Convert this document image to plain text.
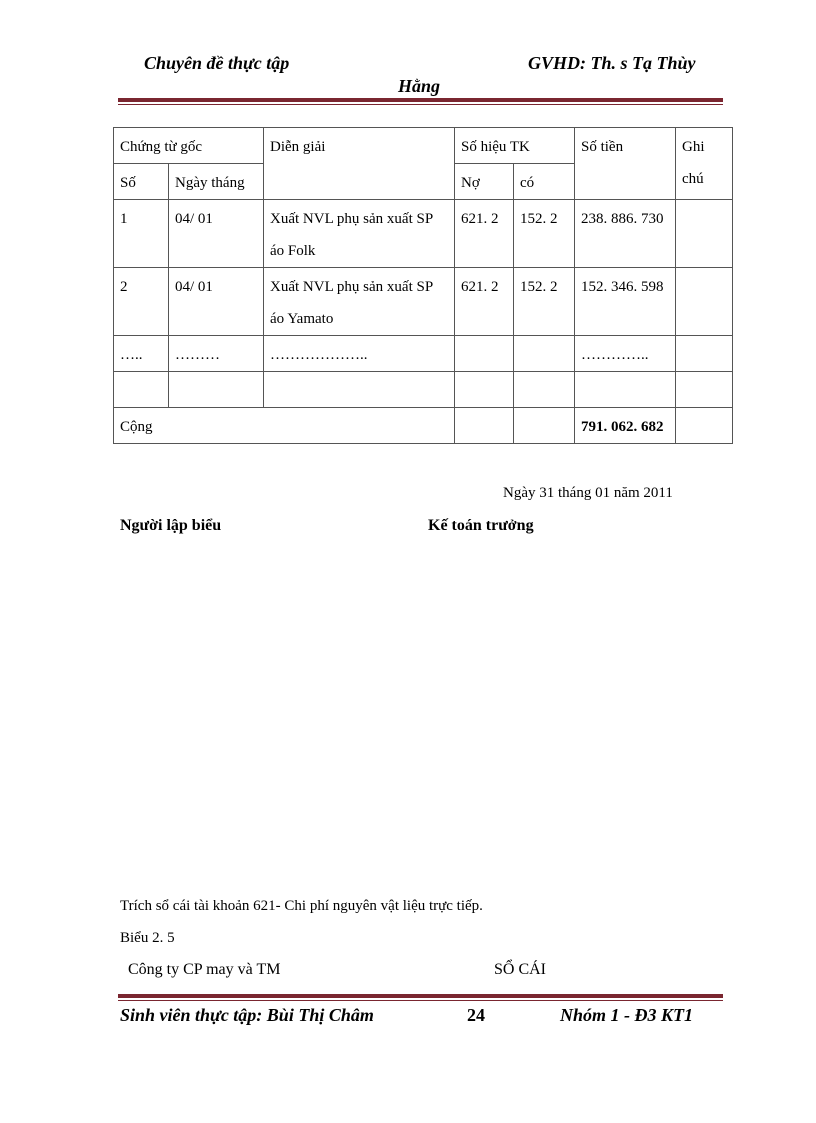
Chuyên đề thực tập	GVHD: Th. s Tạ Thùy
Hằng
Chứng từ gốc		Diễn giải	Số hiệu TK		Số tiền	Ghi chú
Số	Ngày tháng		Nợ	có		
1	04/ 01	Xuất NVL phụ sản xuất SP áo Folk	621. 2	152. 2	238. 886. 730	
2	04/ 01	Xuất NVL phụ sản xuất SP áo Yamato	621. 2	152. 2	152. 346. 598	
…..	………	………………..			…………..	

Cộng					791. 062. 682	
Ngày 31 tháng 01 năm 2011
Người lập biểu	Kế toán trưởng
Trích sổ cái tài khoản 621- Chi phí nguyên vật liệu trực tiếp.
Biểu 2. 5
Công ty CP may và TM	SỔ CÁI
Sinh viên thực tập: Bùi Thị Châm	24	Nhóm 1 - Đ3 KT1
